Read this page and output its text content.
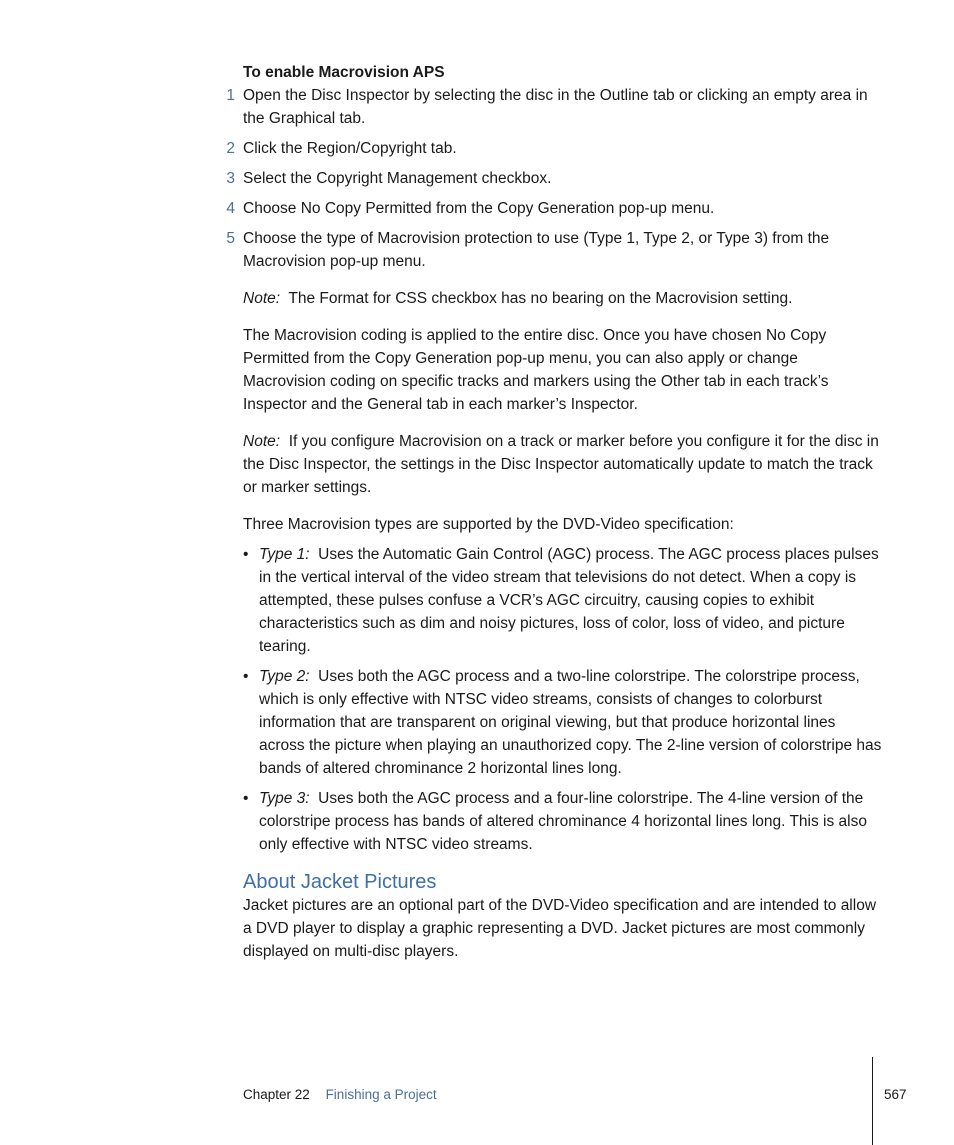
To enable Macrovision APS
1 Open the Disc Inspector by selecting the disc in the Outline tab or clicking an empty area in the Graphical tab.
2 Click the Region/Copyright tab.
3 Select the Copyright Management checkbox.
4 Choose No Copy Permitted from the Copy Generation pop-up menu.
5 Choose the type of Macrovision protection to use (Type 1, Type 2, or Type 3) from the Macrovision pop-up menu.

Note: The Format for CSS checkbox has no bearing on the Macrovision setting.

The Macrovision coding is applied to the entire disc. Once you have chosen No Copy Permitted from the Copy Generation pop-up menu, you can also apply or change Macrovision coding on specific tracks and markers using the Other tab in each track’s Inspector and the General tab in each marker’s Inspector.

Note: If you configure Macrovision on a track or marker before you configure it for the disc in the Disc Inspector, the settings in the Disc Inspector automatically update to match the track or marker settings.

Three Macrovision types are supported by the DVD-Video specification:

• Type 1: Uses the Automatic Gain Control (AGC) process. The AGC process places pulses in the vertical interval of the video stream that televisions do not detect. When a copy is attempted, these pulses confuse a VCR’s AGC circuitry, causing copies to exhibit characteristics such as dim and noisy pictures, loss of color, loss of video, and picture tearing.
• Type 2: Uses both the AGC process and a two-line colorstripe. The colorstripe process, which is only effective with NTSC video streams, consists of changes to colorburst information that are transparent on original viewing, but that produce horizontal lines across the picture when playing an unauthorized copy. The 2-line version of colorstripe has bands of altered chrominance 2 horizontal lines long.
• Type 3: Uses both the AGC process and a four-line colorstripe. The 4-line version of the colorstripe process has bands of altered chrominance 4 horizontal lines long. This is also only effective with NTSC video streams.
About Jacket Pictures

Jacket pictures are an optional part of the DVD-Video specification and are intended to allow a DVD player to display a graphic representing a DVD. Jacket pictures are most commonly displayed on multi-disc players.

Chapter 22 Finishing a Project	567
